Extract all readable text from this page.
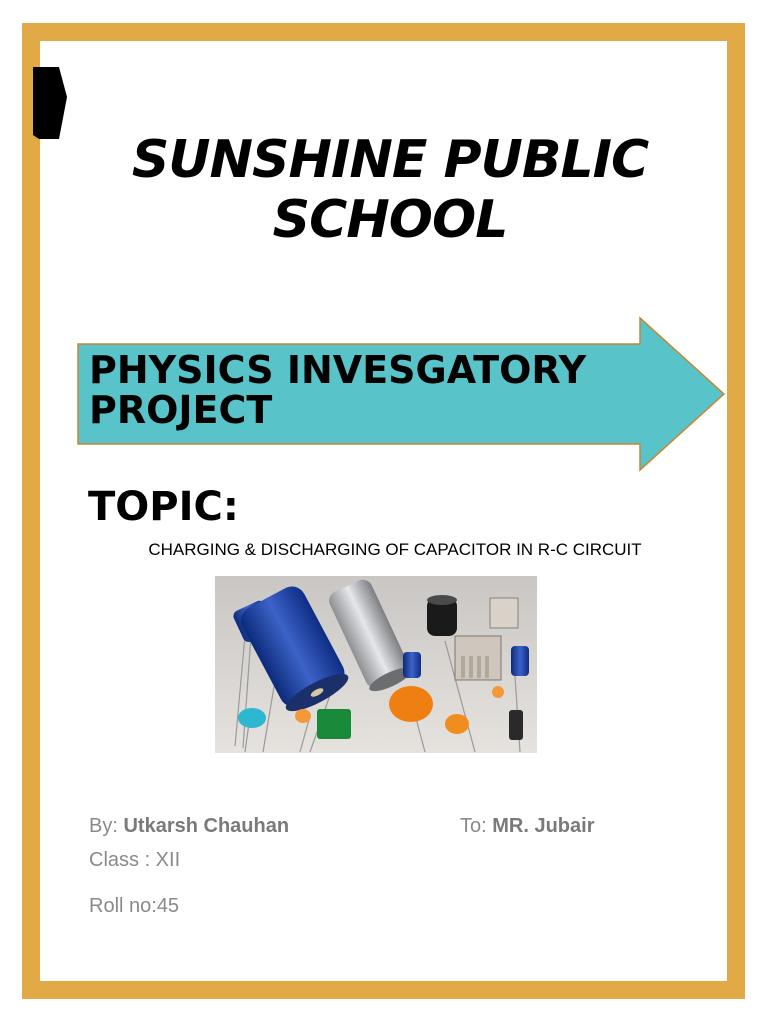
SUNSHINE PUBLIC SCHOOL
PHYSICS INVESGATORY PROJECT
TOPIC:
CHARGING & DISCHARGING OF CAPACITOR IN R-C CIRCUIT
By: Utkarsh Chauhan	To: MR. Jubair
Class : XII
Roll no:45
